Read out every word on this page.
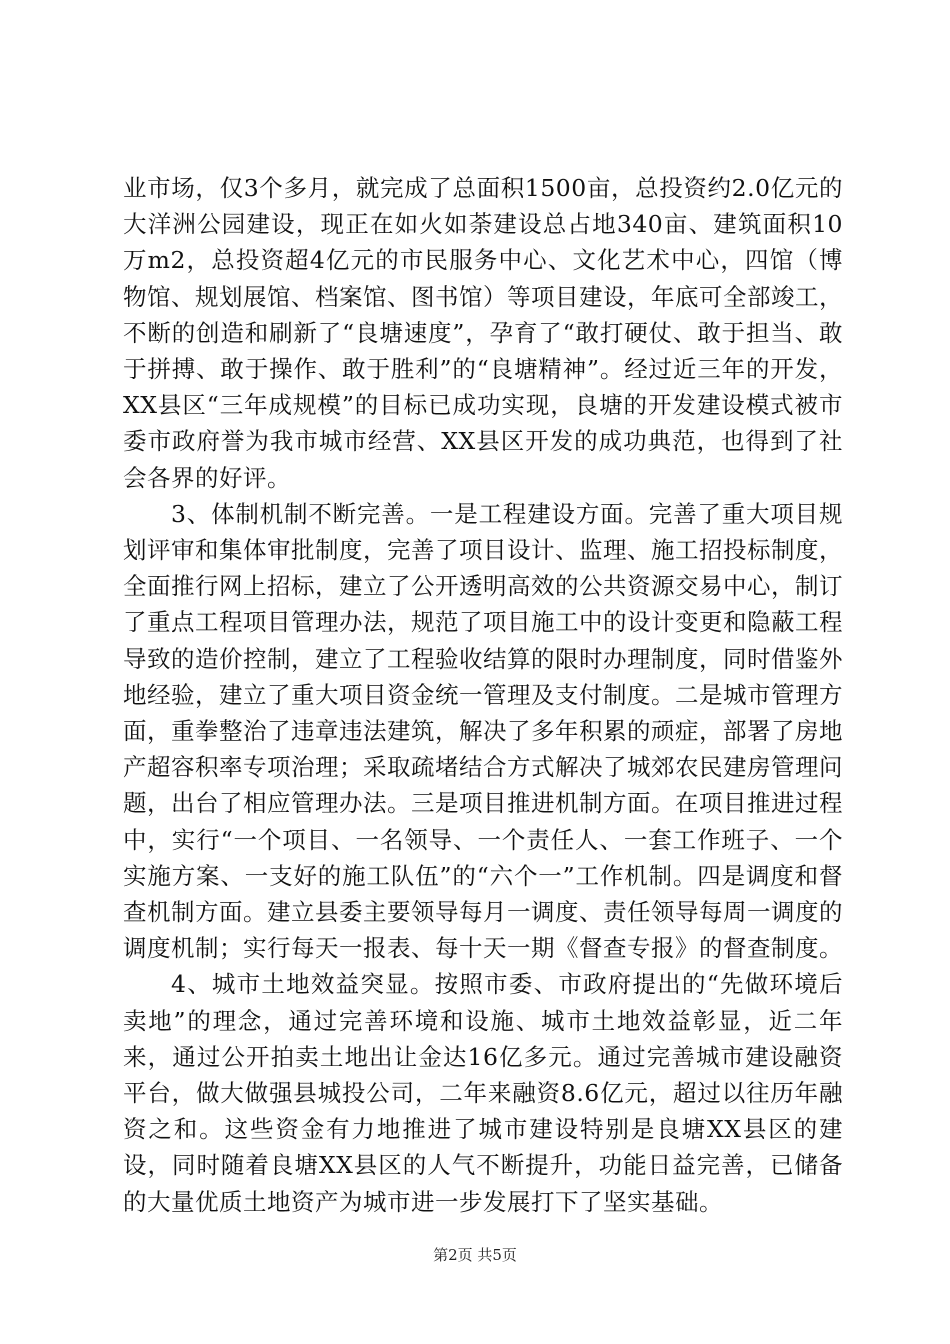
业市场，仅3个多月，就完成了总面积1500亩，总投资约2.0亿元的大洋洲公园建设，现正在如火如荼建设总占地340亩、建筑面积10万m2，总投资超4亿元的市民服务中心、文化艺术中心，四馆（博物馆、规划展馆、档案馆、图书馆）等项目建设，年底可全部竣工，不断的创造和刷新了“良塘速度”，孕育了“敢打硬仗、敢于担当、敢于拼搏、敢于操作、敢于胜利”的“良塘精神”。经过近三年的开发，XX县区“三年成规模”的目标已成功实现，良塘的开发建设模式被市委市政府誉为我市城市经营、XX县区开发的成功典范，也得到了社会各界的好评。

3、体制机制不断完善。一是工程建设方面。完善了重大项目规划评审和集体审批制度，完善了项目设计、监理、施工招投标制度，全面推行网上招标，建立了公开透明高效的公共资源交易中心，制订了重点工程项目管理办法，规范了项目施工中的设计变更和隐蔽工程导致的造价控制，建立了工程验收结算的限时办理制度，同时借鉴外地经验，建立了重大项目资金统一管理及支付制度。二是城市管理方面，重拳整治了违章违法建筑，解决了多年积累的顽症，部署了房地产超容积率专项治理；采取疏堵结合方式解决了城郊农民建房管理问题，出台了相应管理办法。三是项目推进机制方面。在项目推进过程中，实行“一个项目、一名领导、一个责任人、一套工作班子、一个实施方案、一支好的施工队伍”的“六个一”工作机制。四是调度和督查机制方面。建立县委主要领导每月一调度、责任领导每周一调度的调度机制；实行每天一报表、每十天一期《督查专报》的督查制度。

4、城市土地效益突显。按照市委、市政府提出的“先做环境后卖地”的理念，通过完善环境和设施、城市土地效益彰显，近二年来，通过公开拍卖土地出让金达16亿多元。通过完善城市建设融资平台，做大做强县城投公司，二年来融资8.6亿元，超过以往历年融资之和。这些资金有力地推进了城市建设特别是良塘XX县区的建设，同时随着良塘XX县区的人气不断提升，功能日益完善，已储备的大量优质土地资产为城市进一步发展打下了坚实基础。

第2页 共5页
